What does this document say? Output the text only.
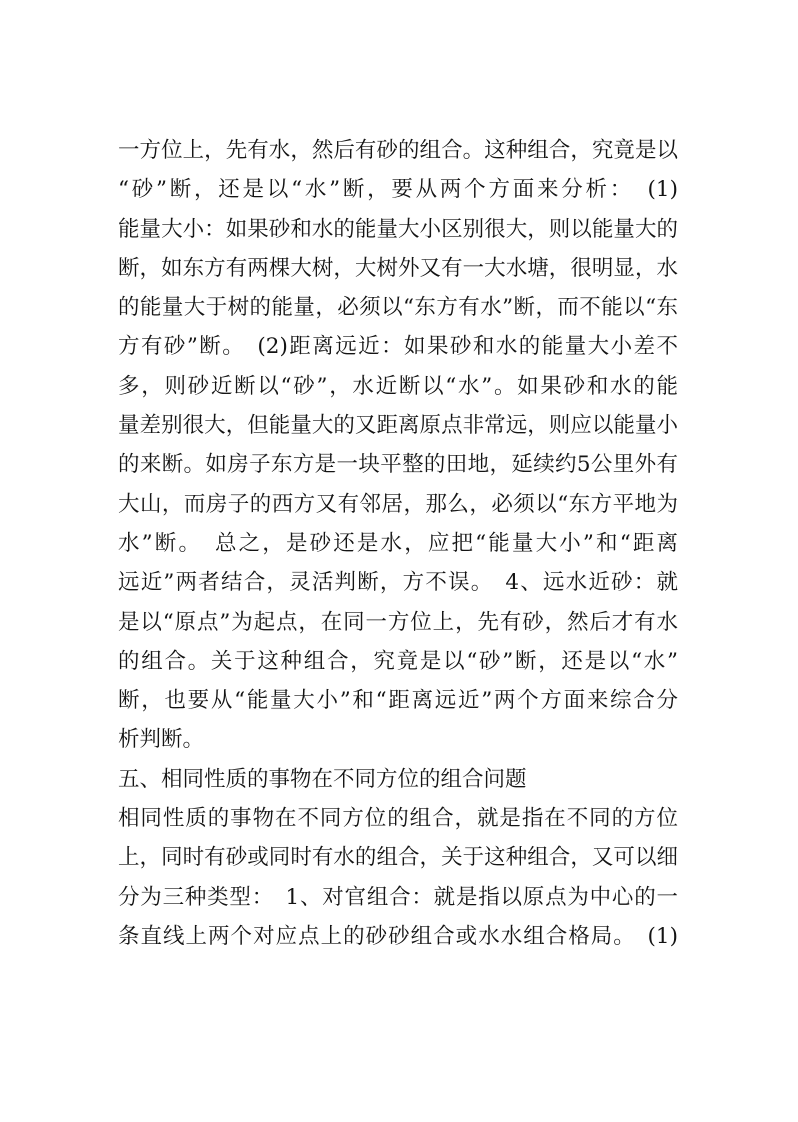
一方位上，先有水，然后有砂的组合。这种组合，究竟是以
“砂”断，还是以“水”断，要从两个方面来分析：　(1)
能量大小：如果砂和水的能量大小区别很大，则以能量大的
断，如东方有两棵大树，大树外又有一大水塘，很明显，水
的能量大于树的能量，必须以“东方有水”断，而不能以“东
方有砂”断。　(2)距离远近：如果砂和水的能量大小差不
多，则砂近断以“砂”，水近断以“水”。如果砂和水的能
量差别很大，但能量大的又距离原点非常远，则应以能量小
的来断。如房子东方是一块平整的田地，延续约5公里外有
大山，而房子的西方又有邻居，那么，必须以“东方平地为
水”断。　总之，是砂还是水，应把“能量大小”和“距离
远近”两者结合，灵活判断，方不误。　4、远水近砂：就
是以“原点”为起点，在同一方位上，先有砂，然后才有水
的组合。关于这种组合，究竟是以“砂”断，还是以“水”
断，也要从“能量大小”和“距离远近”两个方面来综合分
析判断。
五、相同性质的事物在不同方位的组合问题
相同性质的事物在不同方位的组合，就是指在不同的方位
上，同时有砂或同时有水的组合，关于这种组合，又可以细
分为三种类型：　1、对官组合：就是指以原点为中心的一
条直线上两个对应点上的砂砂组合或水水组合格局。　(1)
